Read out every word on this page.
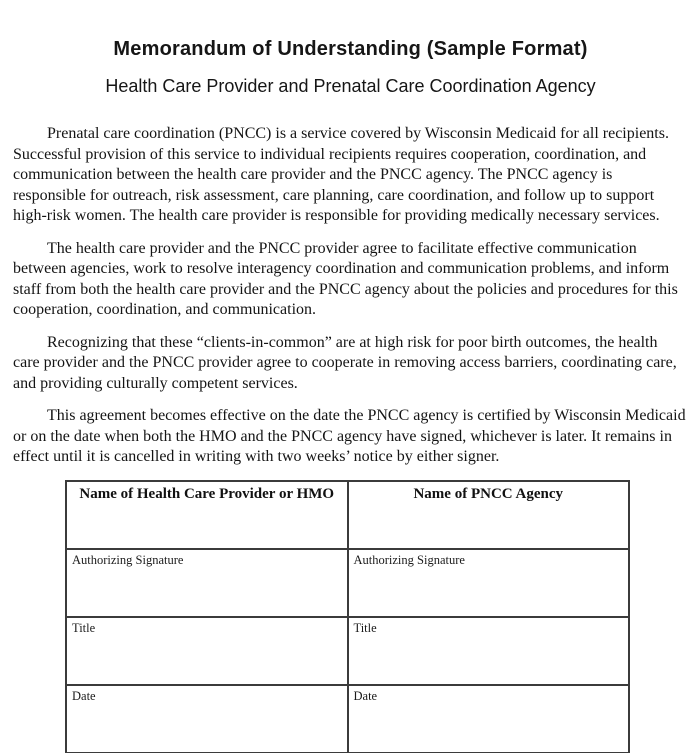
Memorandum of Understanding (Sample Format)
Health Care Provider and Prenatal Care Coordination Agency

Prenatal care coordination (PNCC) is a service covered by Wisconsin Medicaid for all recipients. Successful provision of this service to individual recipients requires cooperation, coordination, and communication between the health care provider and the PNCC agency. The PNCC agency is responsible for outreach, risk assessment, care planning, care coordination, and follow up to support high-risk women. The health care provider is responsible for providing medically necessary services.

The health care provider and the PNCC provider agree to facilitate effective communication between agencies, work to resolve interagency coordination and communication problems, and inform staff from both the health care provider and the PNCC agency about the policies and procedures for this cooperation, coordination, and communication.

Recognizing that these “clients-in-common” are at high risk for poor birth outcomes, the health care provider and the PNCC provider agree to cooperate in removing access barriers, coordinating care, and providing culturally competent services.

This agreement becomes effective on the date the PNCC agency is certified by Wisconsin Medicaid or on the date when both the HMO and the PNCC agency have signed, whichever is later. It remains in effect until it is cancelled in writing with two weeks’ notice by either signer.

Name of Health Care Provider or HMO	Name of PNCC Agency
Authorizing Signature	Authorizing Signature
Title	Title
Date	Date
